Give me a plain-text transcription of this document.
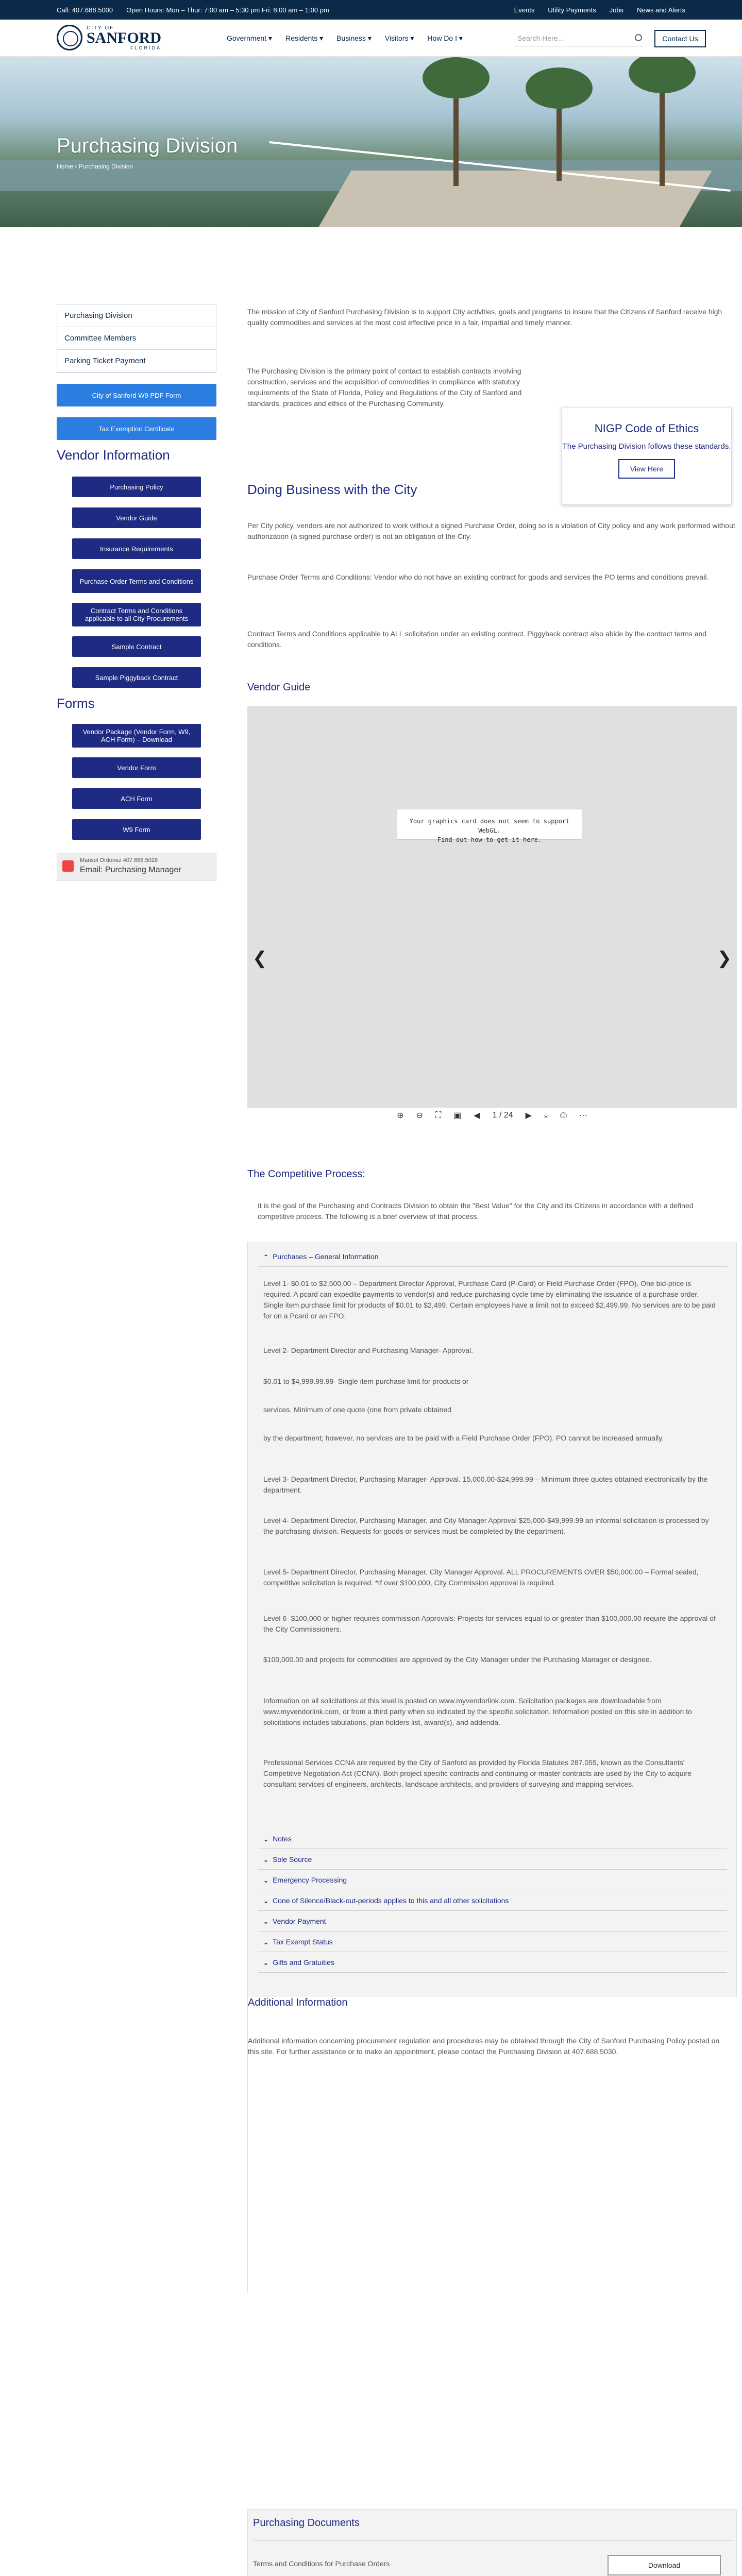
Call: 407.688.5000 Open Hours: Mon – Thur: 7:00 am – 5:30 pm Fri: 8:00 am – 1:00 pm	Events Utility Payments Jobs News and Alerts
CITY OF
SANFORD
FLORIDA
Government ▾ Residents ▾ Business ▾ Visitors ▾ How Do I ▾	Search Here...	Contact Us
Purchasing Division
Home › Purchasing Division
Purchasing Division
Committee Members
Parking Ticket Payment
City of Sanford W9 PDF Form
Tax Exemption Certificate
Vendor Information
Purchasing Policy
Vendor Guide
Insurance Requirements
Purchase Order Terms and Conditions
Contract Terms and Conditions applicable to all City Procurements
Sample Contract
Sample Piggyback Contract
Forms
Vendor Package (Vendor Form, W9, ACH Form) – Download
Vendor Form
ACH Form
W9 Form
Marisol Ordonez 407.688.5028
Email: Purchasing Manager
The mission of City of Sanford Purchasing Division is to support City activities, goals and programs to insure that the Citizens of Sanford receive high quality commodities and services at the most cost effective price in a fair, impartial and timely manner.
The Purchasing Division is the primary point of contact to establish contracts involving construction, services and the acquisition of commodities in compliance with statutory requirements of the State of Florida, Policy and Regulations of the City of Sanford and standards, practices and ethics of the Purchasing Community.
NIGP Code of Ethics
The Purchasing Division follows these standards.
View Here
Doing Business with the City
Per City policy, vendors are not authorized to work without a signed Purchase Order, doing so is a violation of City policy and any work performed without authorization (a signed purchase order) is not an obligation of the City.
Purchase Order Terms and Conditions: Vendor who do not have an existing contract for goods and services the PO terms and conditions prevail.
Contract Terms and Conditions applicable to ALL solicitation under an existing contract. Piggyback contract also abide by the contract terms and conditions.
Vendor Guide
Your graphics card does not seem to support WebGL.
Find out how to get it here.
❮	❯
⊕ ⊖ ⛶ ▣ ◀ 1 / 24 ▶ ⤓ ⎙ ⋯
The Competitive Process:
It is the goal of the Purchasing and Contracts Division to obtain the "Best Value" for the City and its Citizens in accordance with a defined competitive process. The following is a brief overview of that process.
⌃ Purchases – General Information
Level 1- $0.01 to $2,500.00 – Department Director Approval, Purchase Card (P-Card) or Field Purchase Order (FPO). One bid-price is required. A pcard can expedite payments to vendor(s) and reduce purchasing cycle time by eliminating the issuance of a purchase order. Single item purchase limit for products of $0.01 to $2,499. Certain employees have a limit not to exceed $2,499.99. No services are to be paid for on a Pcard or an FPO.
Level 2- Department Director and Purchasing Manager- Approval.
$0.01 to $4,999.99.99- Single item purchase limit for products or
services. Minimum of one quote (one from private obtained
by the department; however, no services are to be paid with a Field Purchase Order (FPO). PO cannot be increased annually.
Level 3- Department Director, Purchasing Manager- Approval. 15,000.00-$24,999.99 – Minimum three quotes obtained electronically by the department.
Level 4- Department Director, Purchasing Manager, and City Manager Approval $25,000-$49,999.99 an informal solicitation is processed by the purchasing division. Requests for goods or services must be completed by the department.
Level 5- Department Director, Purchasing Manager, City Manager Approval. ALL PROCUREMENTS OVER $50,000.00 – Formal sealed, competitive solicitation is required. *If over $100,000, City Commission approval is required.
Level 6- $100,000 or higher requires commission Approvals: Projects for services equal to or greater than $100,000.00 require the approval of the City Commissioners.
$100,000.00 and projects for commodities are approved by the City Manager under the Purchasing Manager or designee.
Information on all solicitations at this level is posted on www.myvendorlink.com. Solicitation packages are downloadable from www.myvendorlink.com, or from a third party when so indicated by the specific solicitation. Information posted on this site in addition to solicitations includes tabulations, plan holders list, award(s), and addenda.
Professional Services CCNA are required by the City of Sanford as provided by Florida Statutes 287.055, known as the Consultants' Competitive Negotiation Act (CCNA). Both project specific contracts and continuing or master contracts are used by the City to acquire consultant services of engineers, architects, landscape architects, and providers of surveying and mapping services.
⌄ Notes
⌄ Sole Source
⌄ Emergency Processing
⌄ Cone of Silence/Black-out-periods applies to this and all other solicitations
⌄ Vendor Payment
⌄ Tax Exempt Status
⌄ Gifts and Gratuities
Additional Information
Additional information concerning procurement regulation and procedures may be obtained through the City of Sanford Purchasing Policy posted on this site. For further assistance or to make an appointment, please contact the Purchasing Division at 407.688.5030.
Purchasing Documents
Terms and Conditions for Purchase Orders	Download
